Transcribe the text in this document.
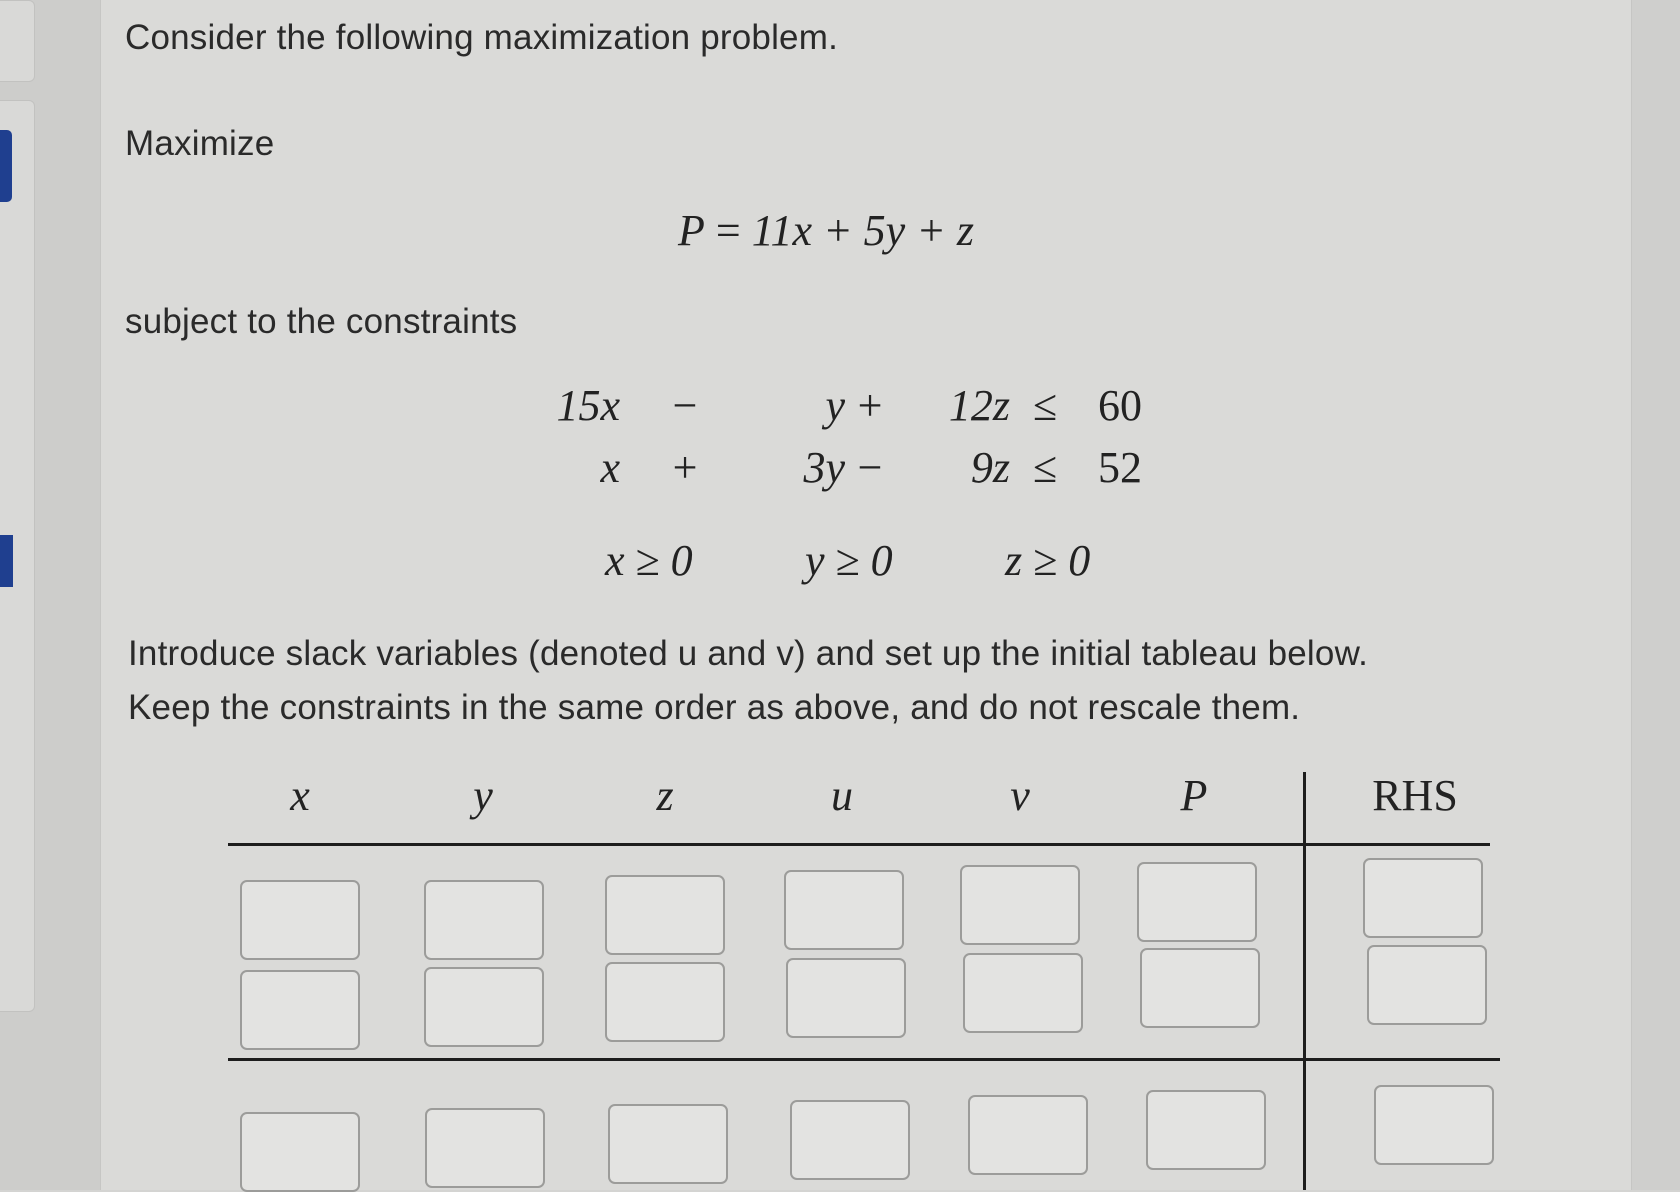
Consider the following maximization problem.
Maximize
P = 11x + 5y + z
subject to the constraints
15x −	y +	12z ≤ 60
x +	3y −	9z ≤ 52
x ≥ 0	y ≥ 0	z ≥ 0
Introduce slack variables (denoted u and v) and set up the initial tableau below.
Keep the constraints in the same order as above, and do not rescale them.
x	y	z	u	v	P	RHS
